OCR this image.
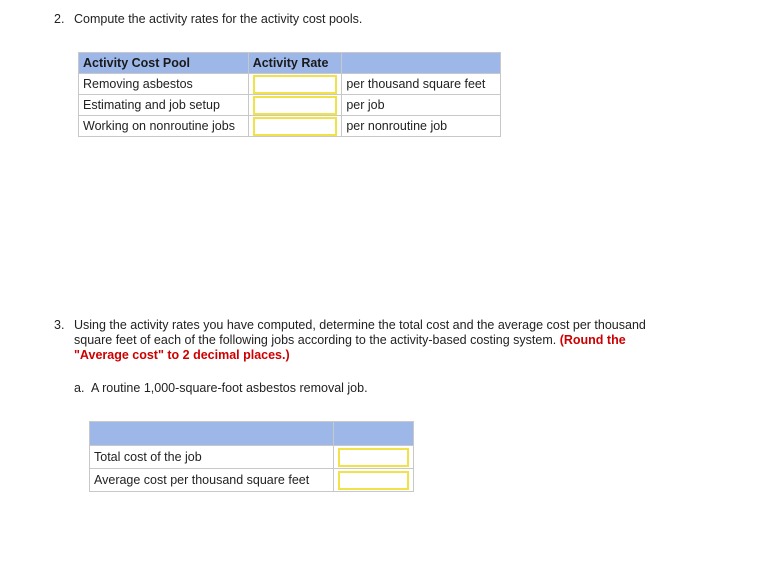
2. Compute the activity rates for the activity cost pools.
Activity Cost Pool	Activity Rate	
Removing asbestos		per thousand square feet
Estimating and job setup		per job
Working on nonroutine jobs		per nonroutine job
3. Using the activity rates you have computed, determine the total cost and the average cost per thousand
square feet of each of the following jobs according to the activity-based costing system. (Round the
"Average cost" to 2 decimal places.)
a. A routine 1,000-square-foot asbestos removal job.

Total cost of the job	

Average cost per thousand square feet	
